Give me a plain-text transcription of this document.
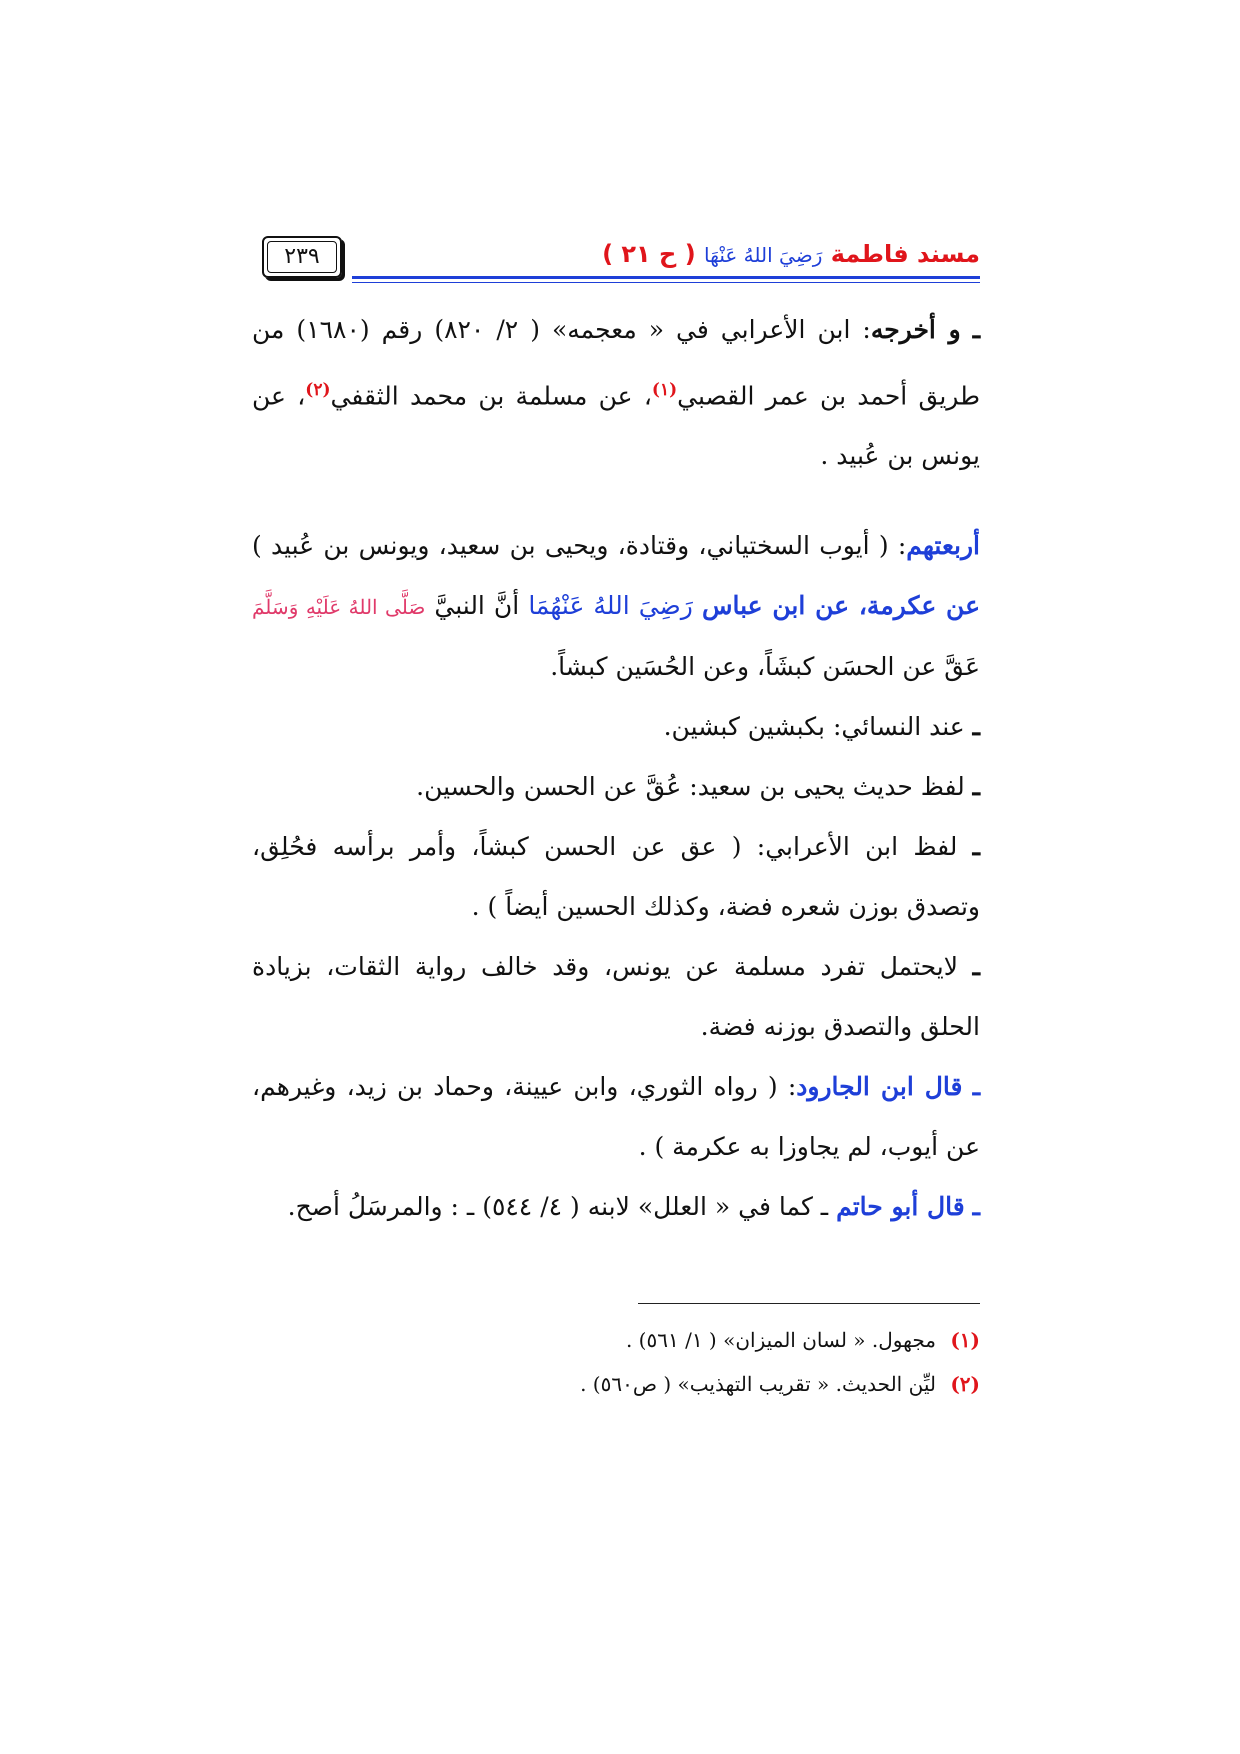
مسند فاطمة رَضِيَ اللهُ عَنْهَا ( ح ٢١ )
٢٣٩

ـ و أخرجه: ابن الأعرابي في « معجمه» ( ٢/ ٨٢٠) رقم (١٦٨٠) من طريق أحمد بن عمر القصبي$^{(١)}$، عن مسلمة بن محمد الثقفي$^{(٢)}$، عن يونس بن عُبيد .

أربعتهم: ( أيوب السختياني، وقتادة، ويحيى بن سعيد، ويونس بن عُبيد ) عن عكرمة، عن ابن عباس رَضِيَ اللهُ عَنْهُمَا أنَّ النبيَّ صَلَّى اللهُ عَلَيْهِ وَسَلَّمَ عَقَّ عن الحسَن كبشَاً، وعن الحُسَين كبشاً.

ـ عند النسائي: بكبشين كبشين.

ـ لفظ حديث يحيى بن سعيد: عُقَّ عن الحسن والحسين.

ـ لفظ ابن الأعرابي: ( عق عن الحسن كبشاً، وأمر برأسه فحُلِق، وتصدق بوزن شعره فضة، وكذلك الحسين أيضاً ) .

ـ لايحتمل تفرد مسلمة عن يونس، وقد خالف رواية الثقات، بزيادة الحلق والتصدق بوزنه فضة.

ـ قال ابن الجارود: ( رواه الثوري، وابن عيينة، وحماد بن زيد، وغيرهم، عن أيوب، لم يجاوزا به عكرمة ) .

ـ قال أبو حاتم ـ كما في « العلل» لابنه ( ٤/ ٥٤٤) ـ : والمرسَلُ أصح.

(١) مجهول. « لسان الميزان» ( ١/ ٥٦١) .
(٢) ليِّن الحديث. « تقريب التهذيب» ( ص٥٦٠) .
